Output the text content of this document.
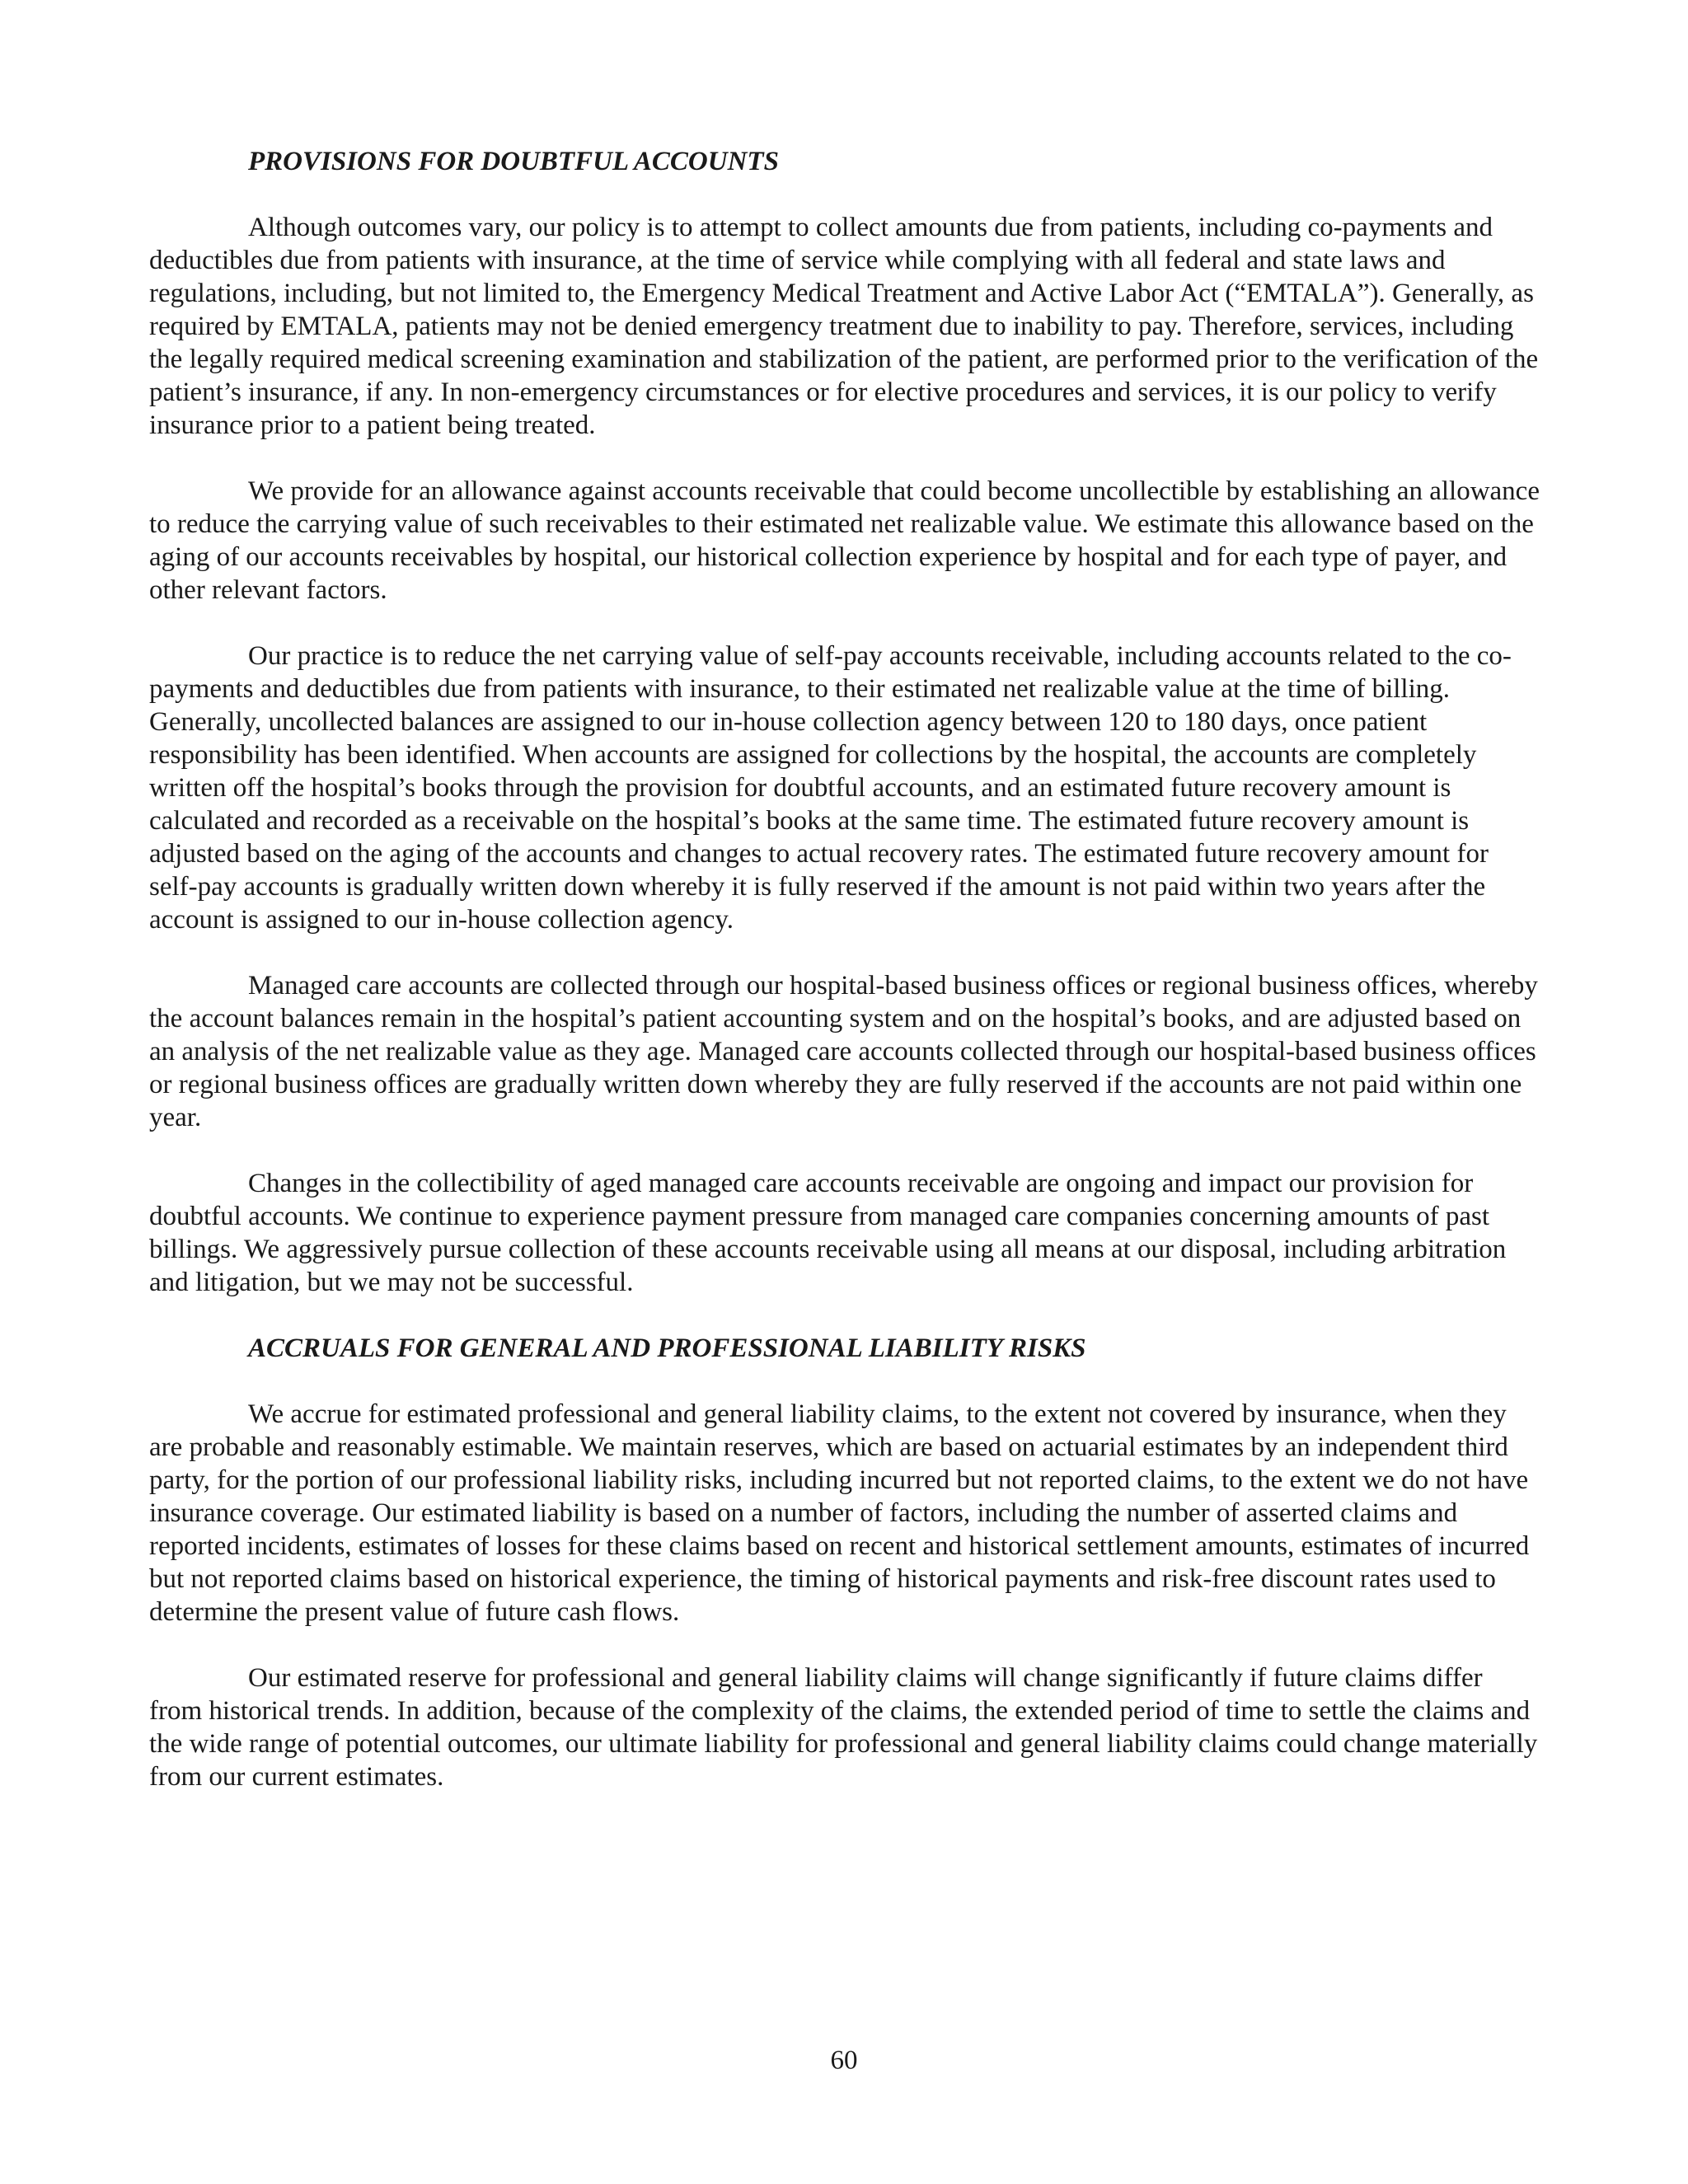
PROVISIONS FOR DOUBTFUL ACCOUNTS

Although outcomes vary, our policy is to attempt to collect amounts due from patients, including co-payments and deductibles due from patients with insurance, at the time of service while complying with all federal and state laws and regulations, including, but not limited to, the Emergency Medical Treatment and Active Labor Act (“EMTALA”). Generally, as required by EMTALA, patients may not be denied emergency treatment due to inability to pay. Therefore, services, including the legally required medical screening examination and stabilization of the patient, are performed prior to the verification of the patient’s insurance, if any. In non-emergency circumstances or for elective procedures and services, it is our policy to verify insurance prior to a patient being treated.

We provide for an allowance against accounts receivable that could become uncollectible by establishing an allowance to reduce the carrying value of such receivables to their estimated net realizable value. We estimate this allowance based on the aging of our accounts receivables by hospital, our historical collection experience by hospital and for each type of payer, and other relevant factors.

Our practice is to reduce the net carrying value of self-pay accounts receivable, including accounts related to the co-payments and deductibles due from patients with insurance, to their estimated net realizable value at the time of billing. Generally, uncollected balances are assigned to our in-house collection agency between 120 to 180 days, once patient responsibility has been identified. When accounts are assigned for collections by the hospital, the accounts are completely written off the hospital’s books through the provision for doubtful accounts, and an estimated future recovery amount is calculated and recorded as a receivable on the hospital’s books at the same time. The estimated future recovery amount is adjusted based on the aging of the accounts and changes to actual recovery rates. The estimated future recovery amount for self-pay accounts is gradually written down whereby it is fully reserved if the amount is not paid within two years after the account is assigned to our in-house collection agency.

Managed care accounts are collected through our hospital-based business offices or regional business offices, whereby the account balances remain in the hospital’s patient accounting system and on the hospital’s books, and are adjusted based on an analysis of the net realizable value as they age. Managed care accounts collected through our hospital-based business offices or regional business offices are gradually written down whereby they are fully reserved if the accounts are not paid within one year.

Changes in the collectibility of aged managed care accounts receivable are ongoing and impact our provision for doubtful accounts. We continue to experience payment pressure from managed care companies concerning amounts of past billings. We aggressively pursue collection of these accounts receivable using all means at our disposal, including arbitration and litigation, but we may not be successful.

ACCRUALS FOR GENERAL AND PROFESSIONAL LIABILITY RISKS

We accrue for estimated professional and general liability claims, to the extent not covered by insurance, when they are probable and reasonably estimable. We maintain reserves, which are based on actuarial estimates by an independent third party, for the portion of our professional liability risks, including incurred but not reported claims, to the extent we do not have insurance coverage. Our estimated liability is based on a number of factors, including the number of asserted claims and reported incidents, estimates of losses for these claims based on recent and historical settlement amounts, estimates of incurred but not reported claims based on historical experience, the timing of historical payments and risk-free discount rates used to determine the present value of future cash flows.

Our estimated reserve for professional and general liability claims will change significantly if future claims differ from historical trends. In addition, because of the complexity of the claims, the extended period of time to settle the claims and the wide range of potential outcomes, our ultimate liability for professional and general liability claims could change materially from our current estimates.

60
